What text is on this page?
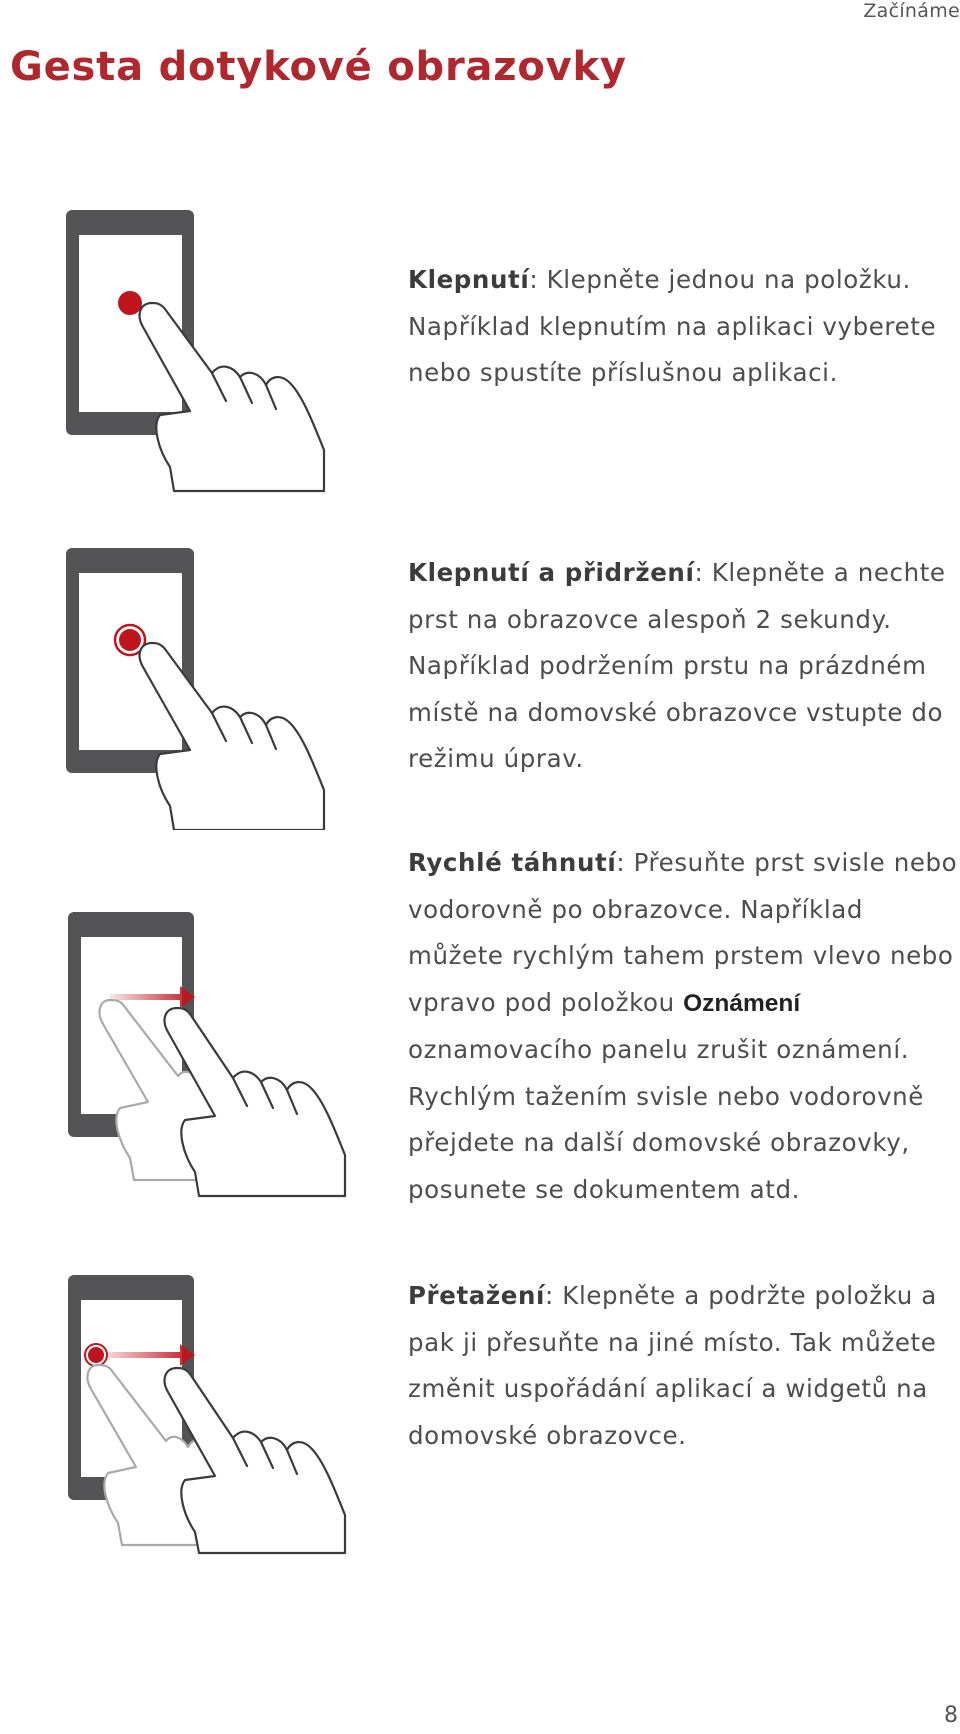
Začínáme
Gesta dotykové obrazovky

Klepnutí: Klepněte jednou na položku. Například klepnutím na aplikaci vyberete nebo spustíte příslušnou aplikaci.

Klepnutí a přidržení: Klepněte a nechte prst na obrazovce alespoň 2 sekundy. Například podržením prstu na prázdném místě na domovské obrazovce vstupte do režimu úprav.

Rychlé táhnutí: Přesuňte prst svisle nebo vodorovně po obrazovce. Například můžete rychlým tahem prstem vlevo nebo vpravo pod položkou Oznámení oznamovacího panelu zrušit oznámení. Rychlým tažením svisle nebo vodorovně přejdete na další domovské obrazovky, posunete se dokumentem atd.

Přetažení: Klepněte a podržte položku a pak ji přesuňte na jiné místo. Tak můžete změnit uspořádání aplikací a widgetů na domovské obrazovce.

8
